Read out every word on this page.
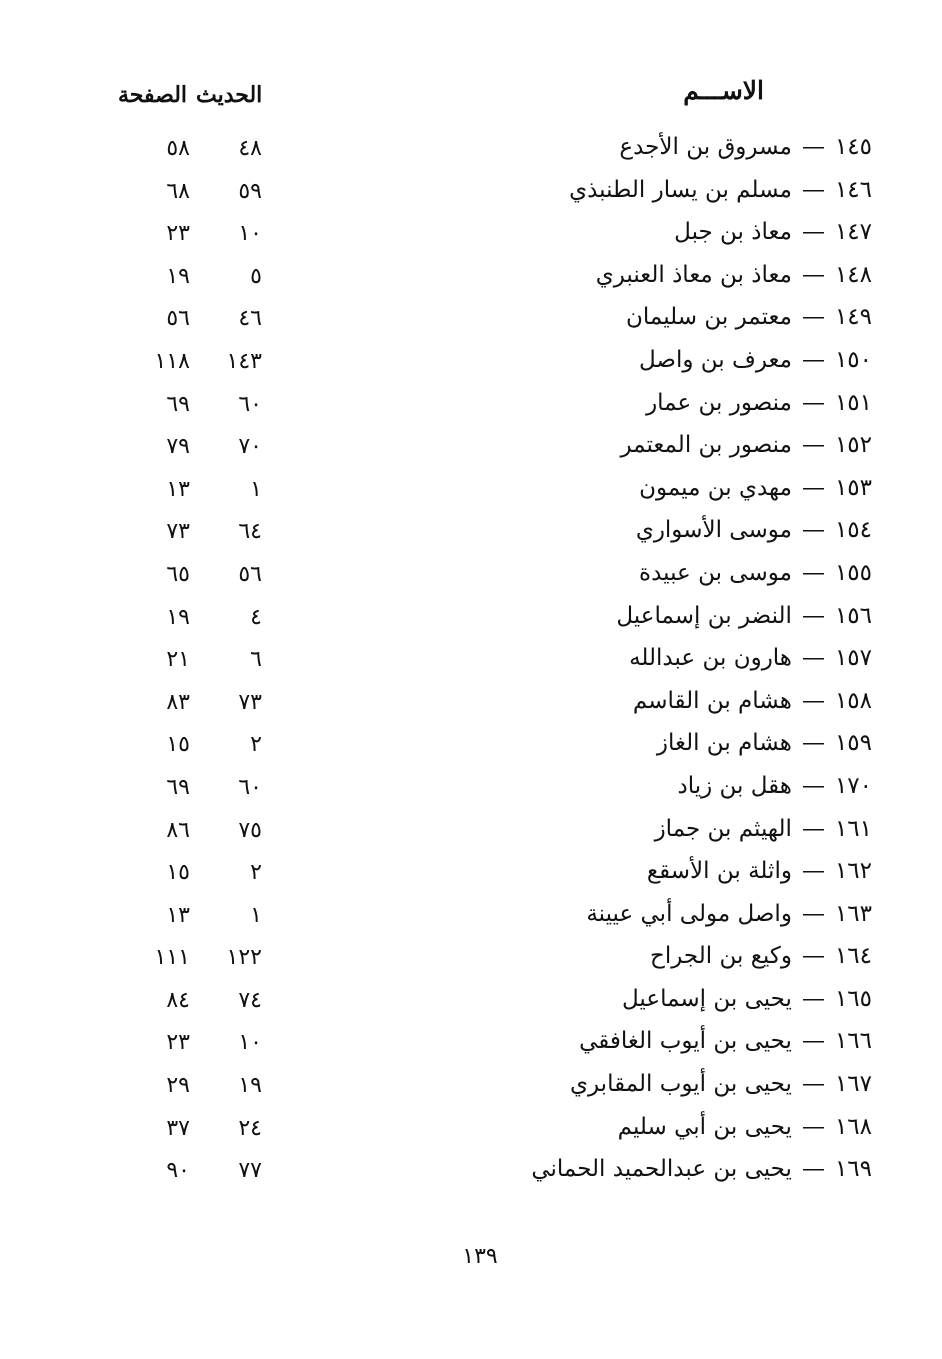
الاســـم
الحديث
الصفحة
١٤٥—مسروق بن الأجدع
٤٨
٥٨
١٤٦—مسلم بن يسار الطنبذي
٥٩
٦٨
١٤٧—معاذ بن جبل
١٠
٢٣
١٤٨—معاذ بن معاذ العنبري
٥
١٩
١٤٩—معتمر بن سليمان
٤٦
٥٦
١٥٠—معرف بن واصل
١٤٣
١١٨
١٥١—منصور بن عمار
٦٠
٦٩
١٥٢—منصور بن المعتمر
٧٠
٧٩
١٥٣—مهدي بن ميمون
١
١٣
١٥٤—موسى الأسواري
٦٤
٧٣
١٥٥—موسى بن عبيدة
٥٦
٦٥
١٥٦—النضر بن إسماعيل
٤
١٩
١٥٧—هارون بن عبدالله
٦
٢١
١٥٨—هشام بن القاسم
٧٣
٨٣
١٥٩—هشام بن الغاز
٢
١٥
١٧٠—هقل بن زياد
٦٠
٦٩
١٦١—الهيثم بن جماز
٧٥
٨٦
١٦٢—واثلة بن الأسقع
٢
١٥
١٦٣—واصل مولى أبي عيينة
١
١٣
١٦٤—وكيع بن الجراح
١٢٢
١١١
١٦٥—يحيى بن إسماعيل
٧٤
٨٤
١٦٦—يحيى بن أيوب الغافقي
١٠
٢٣
١٦٧—يحيى بن أيوب المقابري
١٩
٢٩
١٦٨—يحيى بن أبي سليم
٢٤
٣٧
١٦٩—يحيى بن عبدالحميد الحماني
٧٧
٩٠
١٣٩
